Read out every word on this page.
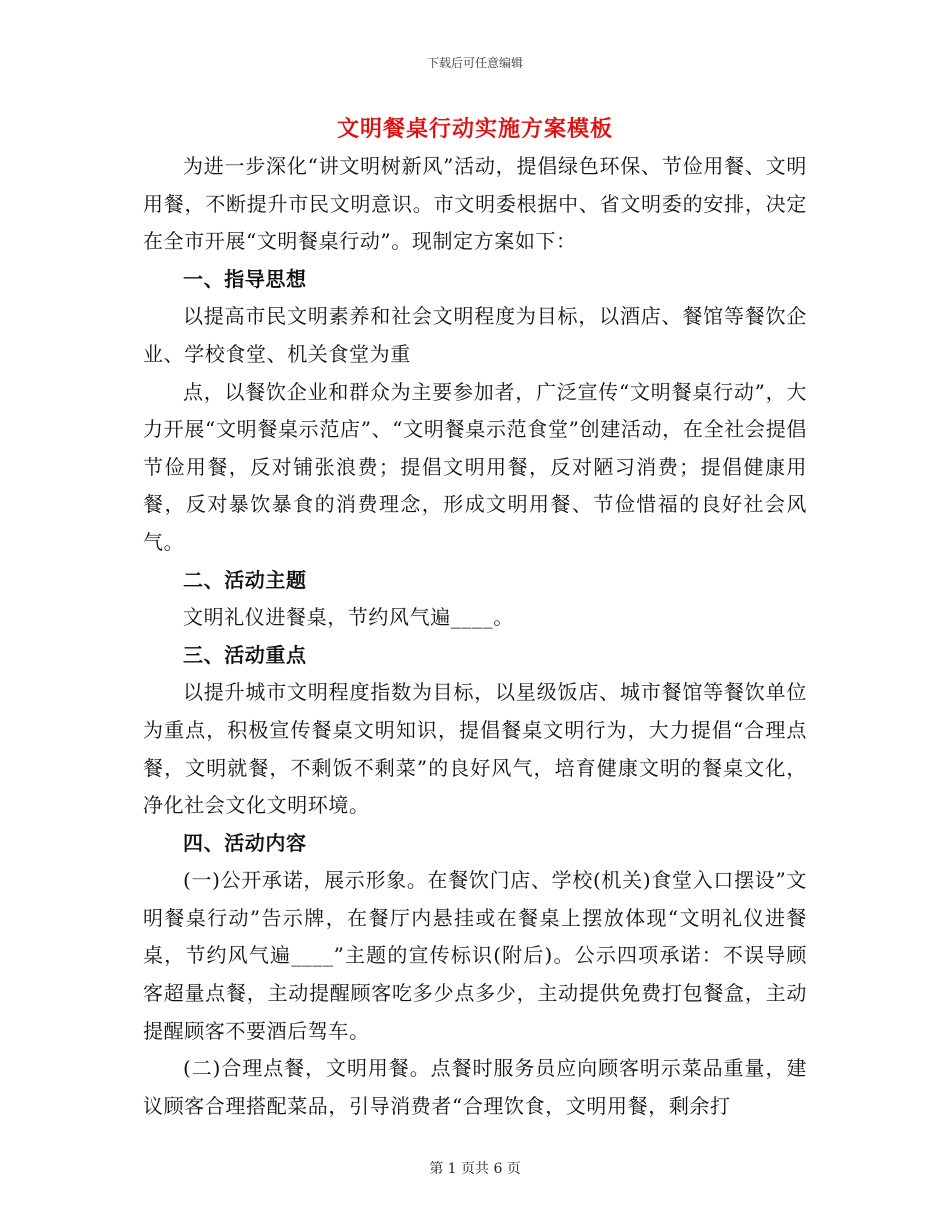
下载后可任意编辑
文明餐桌行动实施方案模板

为进一步深化“讲文明树新风”活动，提倡绿色环保、节俭用餐、文明用餐，不断提升市民文明意识。市文明委根据中、省文明委的安排，决定在全市开展“文明餐桌行动”。现制定方案如下：

一、指导思想

以提高市民文明素养和社会文明程度为目标，以酒店、餐馆等餐饮企业、学校食堂、机关食堂为重

点，以餐饮企业和群众为主要参加者，广泛宣传“文明餐桌行动”，大力开展“文明餐桌示范店”、“文明餐桌示范食堂”创建活动，在全社会提倡节俭用餐，反对铺张浪费；提倡文明用餐，反对陋习消费；提倡健康用餐，反对暴饮暴食的消费理念，形成文明用餐、节俭惜福的良好社会风气。

二、活动主题

文明礼仪进餐桌，节约风气遍____。

三、活动重点

以提升城市文明程度指数为目标，以星级饭店、城市餐馆等餐饮单位为重点，积极宣传餐桌文明知识，提倡餐桌文明行为，大力提倡“合理点餐，文明就餐，不剩饭不剩菜”的良好风气，培育健康文明的餐桌文化，净化社会文化文明环境。

四、活动内容

(一)公开承诺，展示形象。在餐饮门店、学校(机关)食堂入口摆设”文明餐桌行动”告示牌，在餐厅内悬挂或在餐桌上摆放体现“文明礼仪进餐桌，节约风气遍____”主题的宣传标识(附后)。公示四项承诺：不误导顾客超量点餐，主动提醒顾客吃多少点多少，主动提供免费打包餐盒，主动提醒顾客不要酒后驾车。

(二)合理点餐，文明用餐。点餐时服务员应向顾客明示菜品重量，建议顾客合理搭配菜品，引导消费者“合理饮食，文明用餐，剩余打

第 1 页共 6 页
